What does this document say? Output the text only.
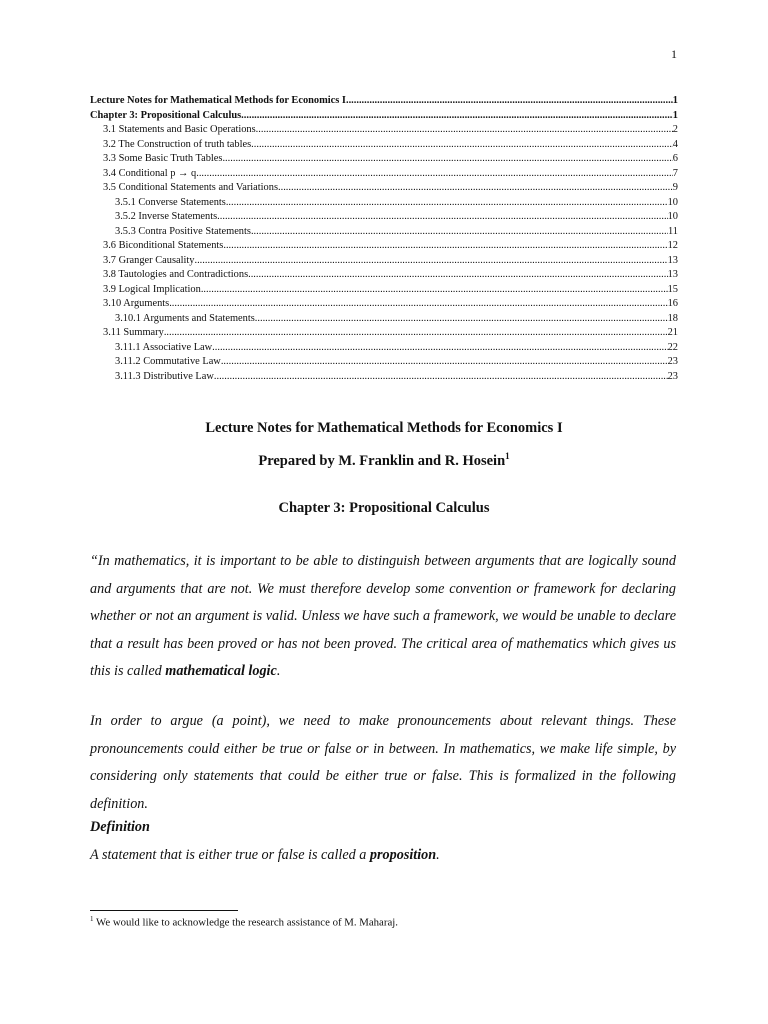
1
Lecture Notes for Mathematical Methods for Economics I .....	1
Chapter 3: Propositional Calculus .....	1
3.1 Statements and Basic Operations .....	2
3.2 The Construction of truth tables .....	4
3.3 Some Basic Truth Tables .....	6
3.4 Conditional p → q .....	7
3.5 Conditional Statements and Variations .....	9
3.5.1 Converse Statements .....	10
3.5.2 Inverse Statements .....	10
3.5.3 Contra Positive Statements .....	11
3.6 Biconditional Statements .....	12
3.7 Granger Causality .....	13
3.8 Tautologies and Contradictions .....	13
3.9 Logical Implication .....	15
3.10 Arguments .....	16
3.10.1 Arguments and Statements .....	18
3.11 Summary .....	21
3.11.1 Associative Law .....	22
3.11.2 Commutative Law .....	23
3.11.3 Distributive Law .....	23
Lecture Notes for Mathematical Methods for Economics I
Prepared by M. Franklin and R. Hosein$^1$
Chapter 3: Propositional Calculus

“In mathematics, it is important to be able to distinguish between arguments that are logically sound and arguments that are not. We must therefore develop some convention or framework for declaring whether or not an argument is valid. Unless we have such a framework, we would be unable to declare that a result has been proved or has not been proved. The critical area of mathematics which gives us this is called mathematical logic.

In order to argue (a point), we need to make pronouncements about relevant things. These pronouncements could either be true or false or in between. In mathematics, we make life simple, by considering only statements that could be either true or false. This is formalized in the following definition.

Definition

A statement that is either true or false is called a proposition.

$^1$ We would like to acknowledge the research assistance of M. Maharaj.
